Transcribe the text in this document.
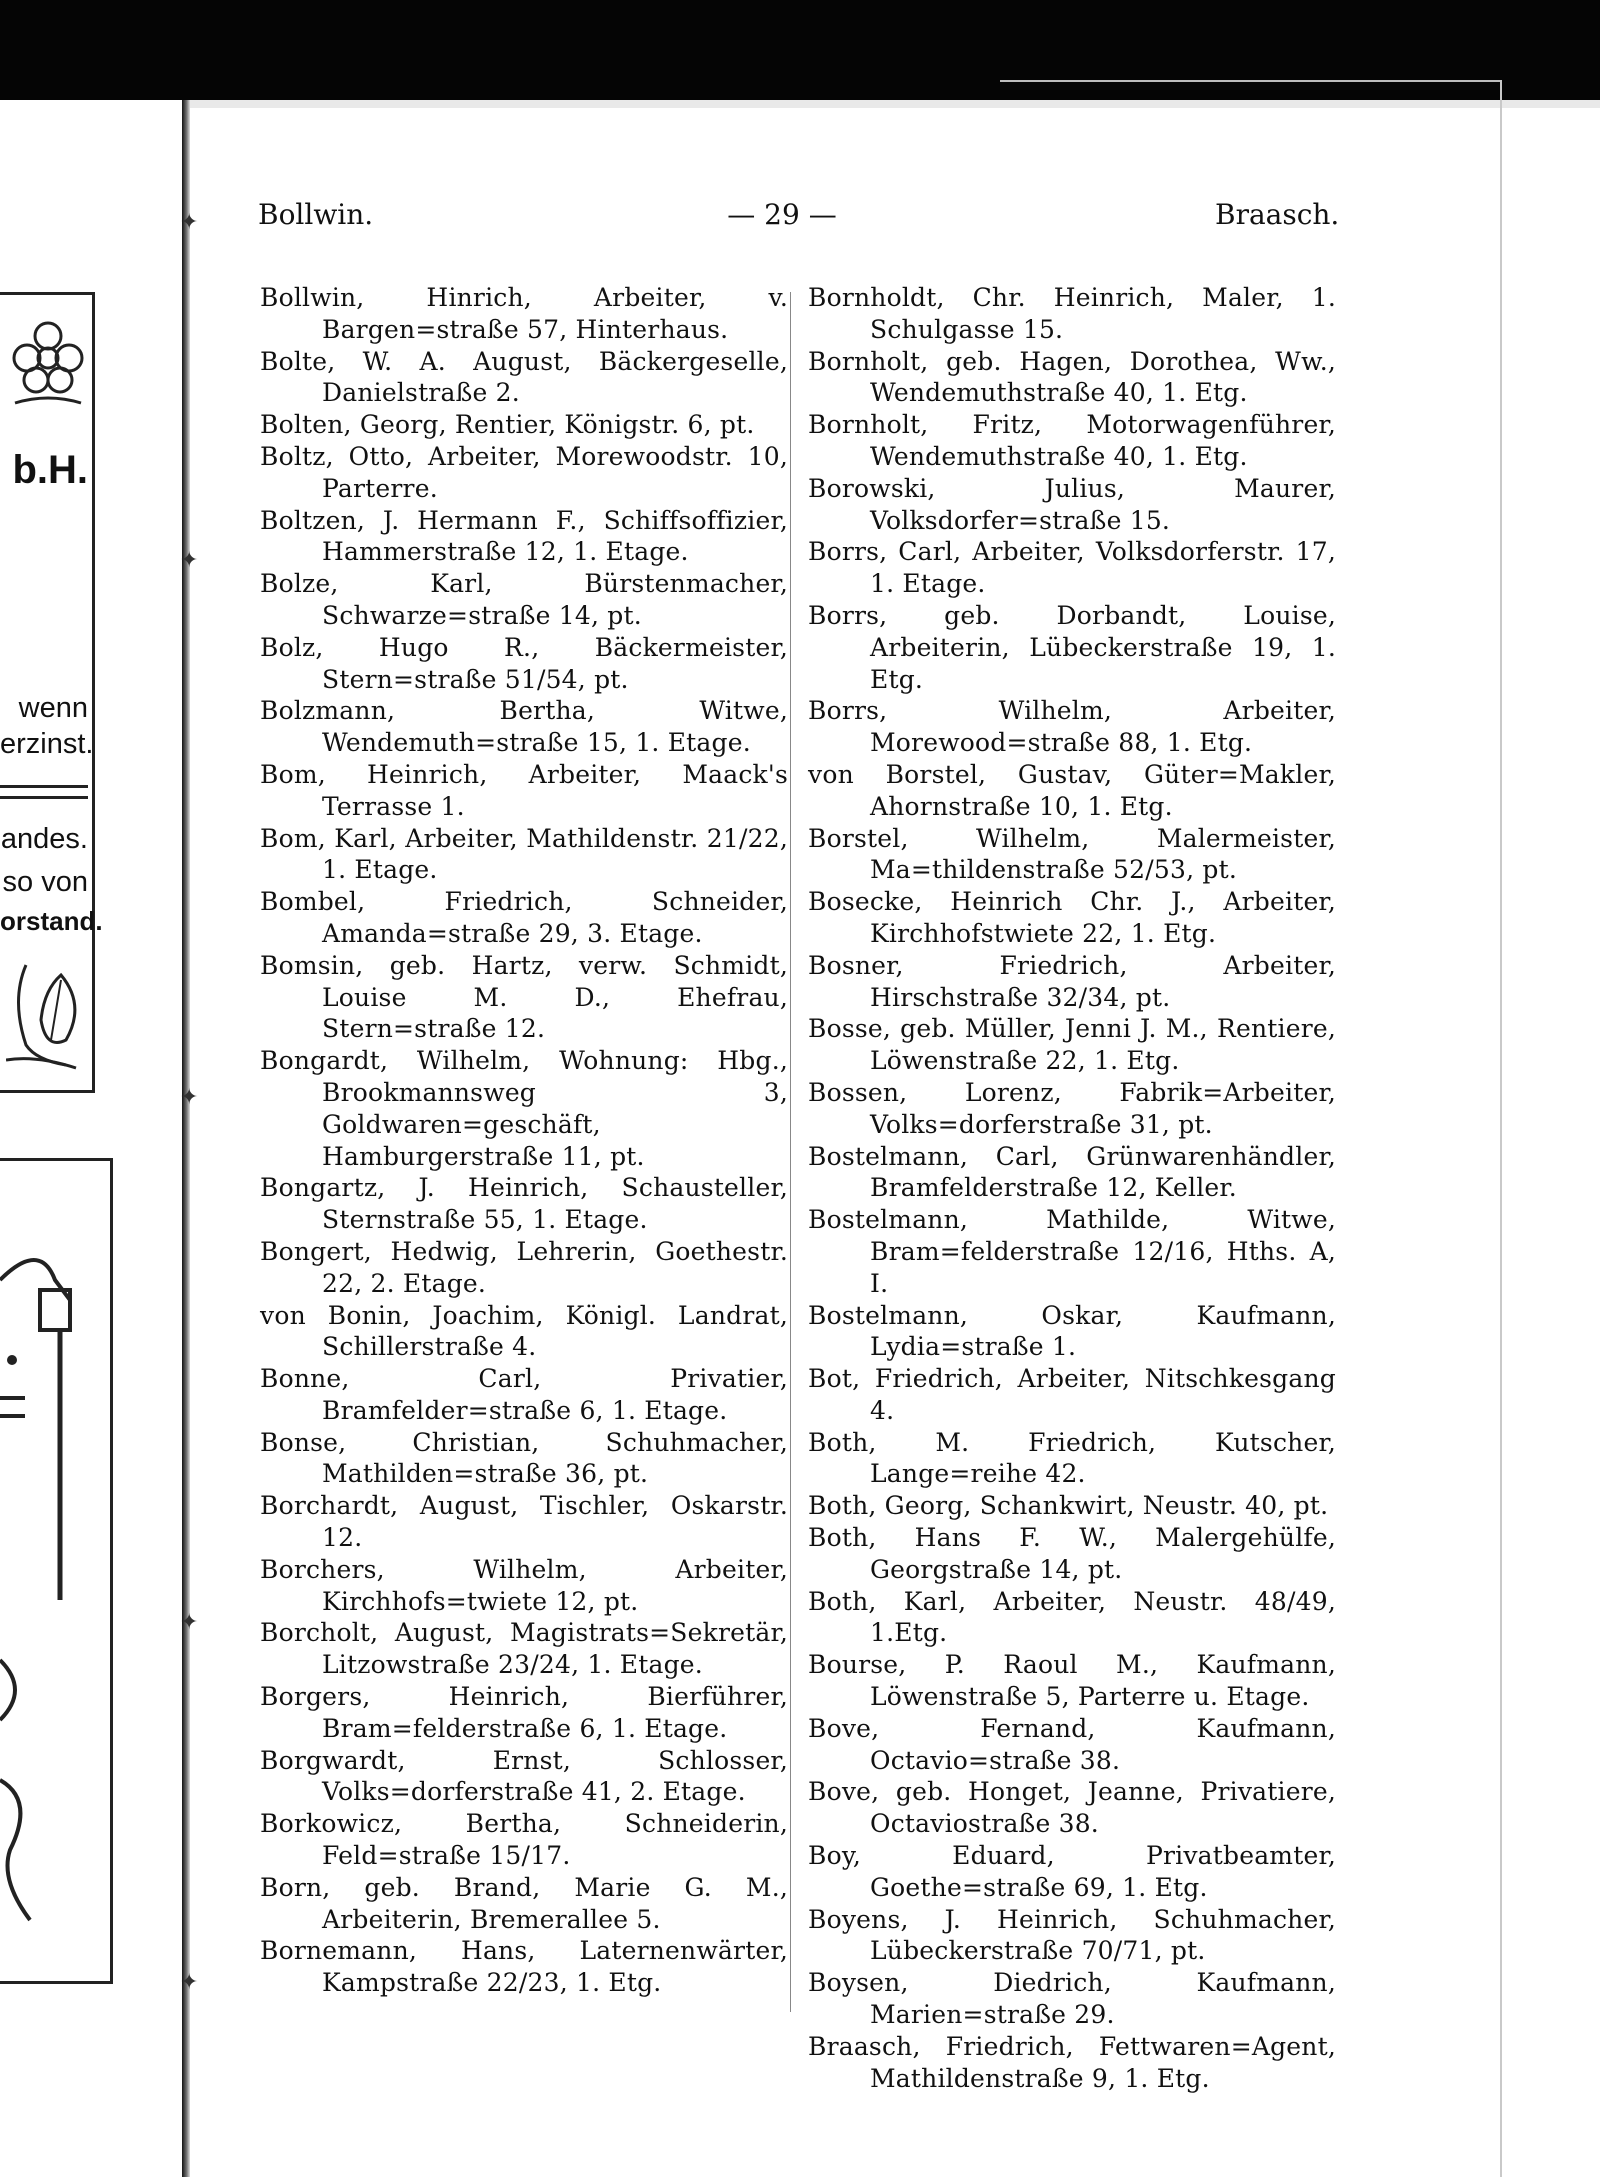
✦
✦
✦
✦
✦
b.H.
wenn
erzinst.
andes.
so von
orstand.
Bollwin.	— 29 —	Braasch.

Bollwin, Hinrich, Arbeiter, v. Bargen=straße 57, Hinterhaus.

Bolte, W. A. August, Bäckergeselle, Danielstraße 2.

Bolten, Georg, Rentier, Königstr. 6, pt.

Boltz, Otto, Arbeiter, Morewoodstr. 10, Parterre.

Boltzen, J. Hermann F., Schiffsoffizier, Hammerstraße 12, 1. Etage.

Bolze, Karl, Bürstenmacher, Schwarze=straße 14, pt.

Bolz, Hugo R., Bäckermeister, Stern=straße 51/54, pt.

Bolzmann, Bertha, Witwe, Wendemuth=straße 15, 1. Etage.

Bom, Heinrich, Arbeiter, Maack's Terrasse 1.

Bom, Karl, Arbeiter, Mathildenstr. 21/22, 1. Etage.

Bombel, Friedrich, Schneider, Amanda=straße 29, 3. Etage.

Bomsin, geb. Hartz, verw. Schmidt, Louise M. D., Ehefrau, Stern=straße 12.

Bongardt, Wilhelm, Wohnung: Hbg., Brookmannsweg 3, Goldwaren=geschäft, Hamburgerstraße 11, pt.

Bongartz, J. Heinrich, Schausteller, Sternstraße 55, 1. Etage.

Bongert, Hedwig, Lehrerin, Goethestr. 22, 2. Etage.

von Bonin, Joachim, Königl. Landrat, Schillerstraße 4.

Bonne, Carl, Privatier, Bramfelder=straße 6, 1. Etage.

Bonse, Christian, Schuhmacher, Mathilden=straße 36, pt.

Borchardt, August, Tischler, Oskarstr. 12.

Borchers, Wilhelm, Arbeiter, Kirchhofs=twiete 12, pt.

Borcholt, August, Magistrats=Sekretär, Litzowstraße 23/24, 1. Etage.

Borgers, Heinrich, Bierführer, Bram=felderstraße 6, 1. Etage.

Borgwardt, Ernst, Schlosser, Volks=dorferstraße 41, 2. Etage.

Borkowicz, Bertha, Schneiderin, Feld=straße 15/17.

Born, geb. Brand, Marie G. M., Arbeiterin, Bremerallee 5.

Bornemann, Hans, Laternenwärter, Kampstraße 22/23, 1. Etg.

Bornholdt, Chr. Heinrich, Maler, 1. Schulgasse 15.

Bornholt, geb. Hagen, Dorothea, Ww., Wendemuthstraße 40, 1. Etg.

Bornholt, Fritz, Motorwagenführer, Wendemuthstraße 40, 1. Etg.

Borowski, Julius, Maurer, Volksdorfer=straße 15.

Borrs, Carl, Arbeiter, Volksdorferstr. 17, 1. Etage.

Borrs, geb. Dorbandt, Louise, Arbeiterin, Lübeckerstraße 19, 1. Etg.

Borrs, Wilhelm, Arbeiter, Morewood=straße 88, 1. Etg.

von Borstel, Gustav, Güter=Makler, Ahornstraße 10, 1. Etg.

Borstel, Wilhelm, Malermeister, Ma=thildenstraße 52/53, pt.

Bosecke, Heinrich Chr. J., Arbeiter, Kirchhofstwiete 22, 1. Etg.

Bosner, Friedrich, Arbeiter, Hirschstraße 32/34, pt.

Bosse, geb. Müller, Jenni J. M., Rentiere, Löwenstraße 22, 1. Etg.

Bossen, Lorenz, Fabrik=Arbeiter, Volks=dorferstraße 31, pt.

Bostelmann, Carl, Grünwarenhändler, Bramfelderstraße 12, Keller.

Bostelmann, Mathilde, Witwe, Bram=felderstraße 12/16, Hths. A, I.

Bostelmann, Oskar, Kaufmann, Lydia=straße 1.

Bot, Friedrich, Arbeiter, Nitschkesgang 4.

Both, M. Friedrich, Kutscher, Lange=reihe 42.

Both, Georg, Schankwirt, Neustr. 40, pt.

Both, Hans F. W., Malergehülfe, Georgstraße 14, pt.

Both, Karl, Arbeiter, Neustr. 48/49, 1.Etg.

Bourse, P. Raoul M., Kaufmann, Löwenstraße 5, Parterre u. Etage.

Bove, Fernand, Kaufmann, Octavio=straße 38.

Bove, geb. Honget, Jeanne, Privatiere, Octaviostraße 38.

Boy, Eduard, Privatbeamter, Goethe=straße 69, 1. Etg.

Boyens, J. Heinrich, Schuhmacher, Lübeckerstraße 70/71, pt.

Boysen, Diedrich, Kaufmann, Marien=straße 29.

Braasch, Friedrich, Fettwaren=Agent, Mathildenstraße 9, 1. Etg.
